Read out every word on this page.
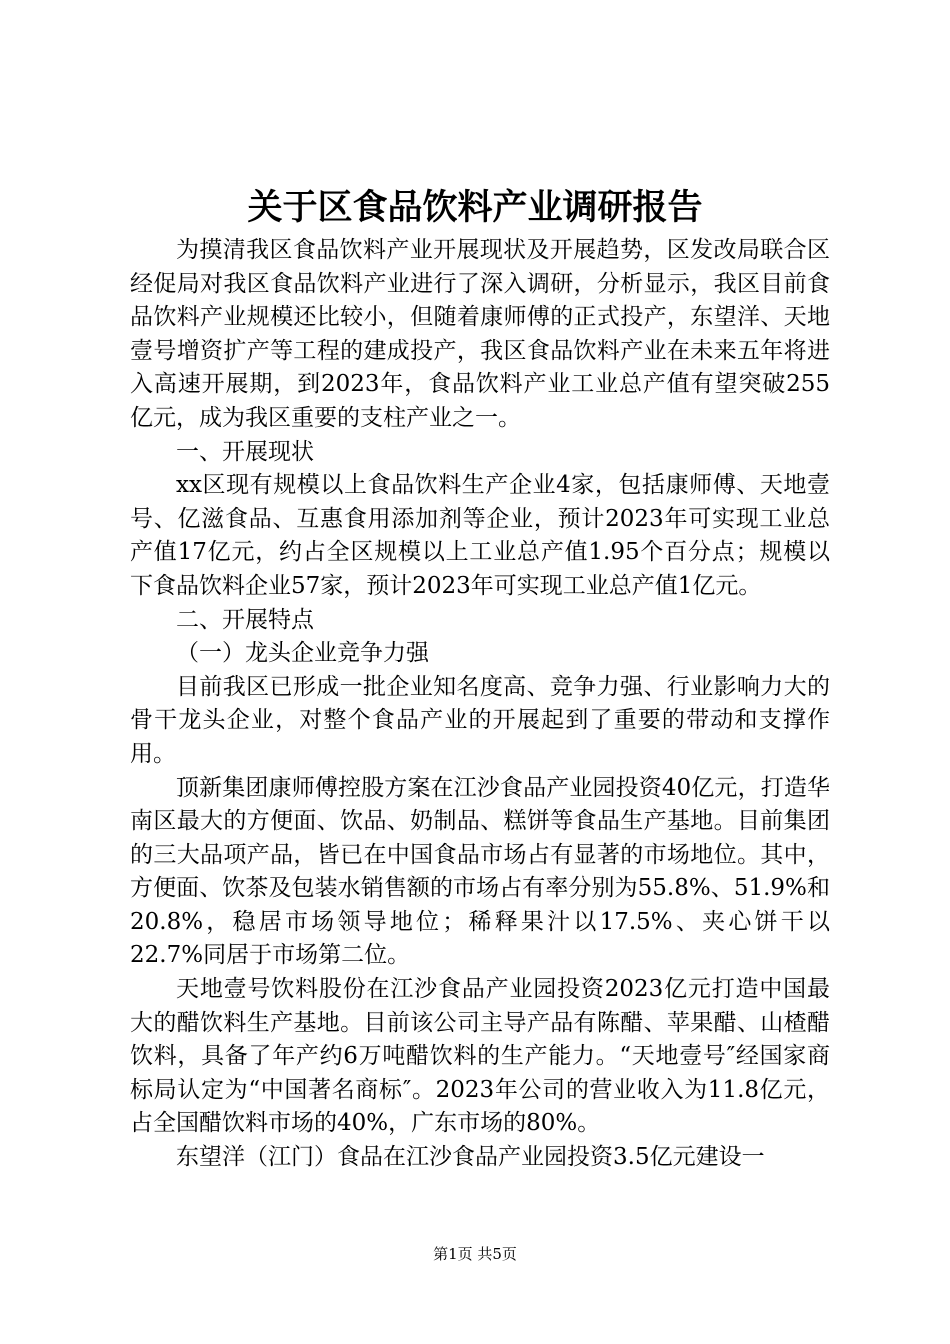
关于区食品饮料产业调研报告

为摸清我区食品饮料产业开展现状及开展趋势，区发改局联合区经促局对我区食品饮料产业进行了深入调研，分析显示，我区目前食品饮料产业规模还比较小，但随着康师傅的正式投产，东望洋、天地壹号增资扩产等工程的建成投产，我区食品饮料产业在未来五年将进入高速开展期，到2023年，食品饮料产业工业总产值有望突破255亿元，成为我区重要的支柱产业之一。

一、开展现状

xx区现有规模以上食品饮料生产企业4家，包括康师傅、天地壹号、亿滋食品、互惠食用添加剂等企业，预计2023年可实现工业总产值17亿元，约占全区规模以上工业总产值1.95个百分点；规模以下食品饮料企业57家，预计2023年可实现工业总产值1亿元。

二、开展特点

（一）龙头企业竞争力强

目前我区已形成一批企业知名度高、竞争力强、行业影响力大的骨干龙头企业，对整个食品产业的开展起到了重要的带动和支撑作用。

顶新集团康师傅控股方案在江沙食品产业园投资40亿元，打造华南区最大的方便面、饮品、奶制品、糕饼等食品生产基地。目前集团的三大品项产品，皆已在中国食品市场占有显著的市场地位。其中，方便面、饮茶及包装水销售额的市场占有率分别为55.8%、51.9%和20.8%，稳居市场领导地位；稀释果汁以17.5%、夹心饼干以22.7%同居于市场第二位。

天地壹号饮料股份在江沙食品产业园投资2023亿元打造中国最大的醋饮料生产基地。目前该公司主导产品有陈醋、苹果醋、山楂醋饮料，具备了年产约6万吨醋饮料的生产能力。“天地壹号″经国家商标局认定为“中国著名商标″。2023年公司的营业收入为11.8亿元，占全国醋饮料市场的40%，广东市场的80%。

东望洋（江门）食品在江沙食品产业园投资3.5亿元建设一

第1页 共5页
